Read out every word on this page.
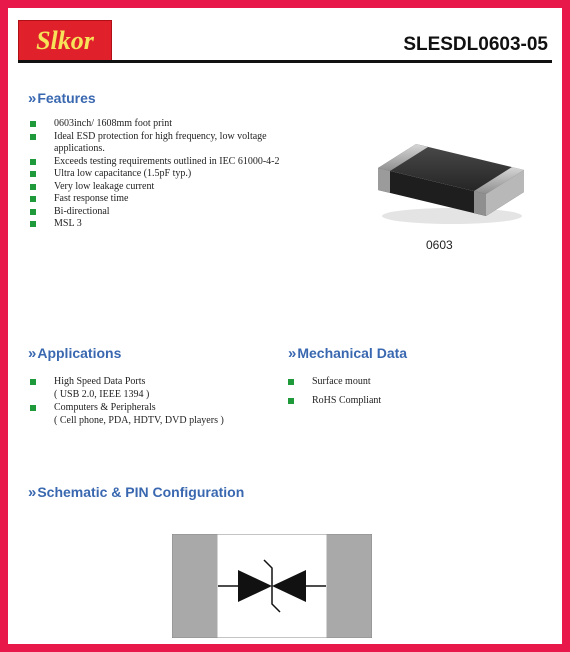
Slkor	SLESDL0603-05
»Features
0603inch/ 1608mm foot print
Ideal ESD protection for high frequency, low voltage
applications.
Exceeds testing requirements outlined in IEC 61000-4-2
Ultra low capacitance (1.5pF typ.)
Very low leakage current
Fast response time
Bi-directional
MSL 3
0603
»Applications
High Speed Data Ports
( USB 2.0, IEEE 1394 )
Computers & Peripherals
( Cell phone, PDA, HDTV, DVD players )
»Mechanical Data
Surface mount
RoHS Compliant
»Schematic & PIN Configuration
